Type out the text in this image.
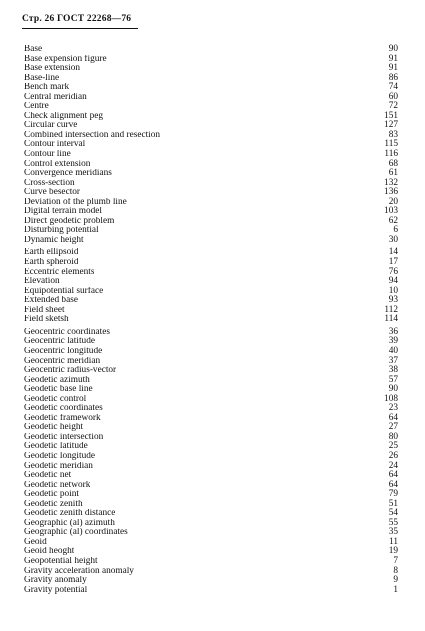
Стр. 26 ГОСТ 22268—76
Base	90
Base expension figure	91
Base extension	91
Base-line	86
Bench mark	74
Central meridian	60
Centre	72
Check alignment peg	151
Circular curve	127
Combined intersection and resection	83
Contour interval	115
Contour line	116
Control extension	68
Convergence meridians	61
Cross-section	132
Curve besector	136
Deviation of the plumb line	20
Digital terrain model	103
Direct geodetic problem	62
Disturbing potential	6
Dynamic height	30
Earth ellipsoid	14
Earth spheroid	17
Eccentric elements	76
Elevation	94
Equipotential surface	10
Extended base	93
Field sheet	112
Field sketsh	114
Geocentric coordinates	36
Geocentric latitude	39
Geocentric longitude	40
Geocentric meridian	37
Geocentric radius-vector	38
Geodetic azimuth	57
Geodetic base line	90
Geodetic control	108
Geodetic coordinates	23
Geodetic framework	64
Geodetic height	27
Geodetic intersection	80
Geodetic latitude	25
Geodetic longitude	26
Geodetic meridian	24
Geodetic net	64
Geodetic network	64
Geodetic point	79
Geodetic zenith	51
Geodetic zenith distance	54
Geographic (al) azimuth	55
Geographic (al) coordinates	35
Geoid	11
Geoid heoght	19
Geopotential height	7
Gravity acceleration anomaly	8
Gravity anomaly	9
Gravity potential	1
